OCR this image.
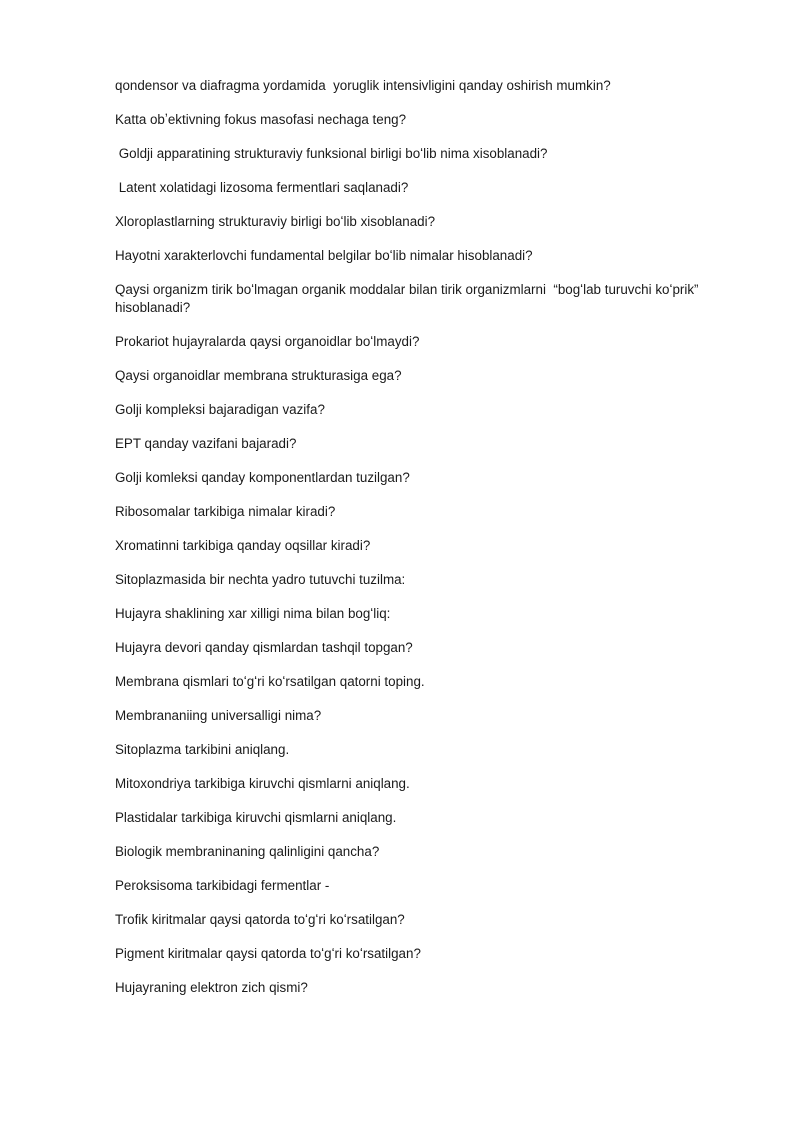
qondensor va diafragma yordamida  yoruglik intensivligini qanday oshirish mumkin?

Katta obʼektivning fokus masofasi nechaga teng?

Goldji apparatining strukturaviy funksional birligi boʻlib nima xisoblanadi?

Latent xolatidagi lizosoma fermentlari saqlanadi?

Xloroplastlarning strukturaviy birligi boʻlib xisoblanadi?

Hayotni xarakterlovchi fundamental belgilar boʻlib nimalar hisoblanadi?

Qaysi organizm tirik boʻlmagan organik moddalar bilan tirik organizmlarni  “bogʻlab turuvchi koʻprik” hisoblanadi?

Prokariot hujayralarda qaysi organoidlar boʻlmaydi?

Qaysi organoidlar membrana strukturasiga ega?

Golji kompleksi bajaradigan vazifa?

EPT qanday vazifani bajaradi?

Golji komleksi qanday komponentlardan tuzilgan?

Ribosomalar tarkibiga nimalar kiradi?

Xromatinni tarkibiga qanday oqsillar kiradi?

Sitoplazmasida bir nechta yadro tutuvchi tuzilma:

Hujayra shaklining xar xilligi nima bilan bogʻliq:

Hujayra devori qanday qismlardan tashqil topgan?

Membrana qismlari toʻgʻri koʻrsatilgan qatorni toping.

Membrananiing universalligi nima?

Sitoplazma tarkibini aniqlang.

Mitoxondriya tarkibiga kiruvchi qismlarni aniqlang.

Plastidalar tarkibiga kiruvchi qismlarni aniqlang.

Biologik membraninaning qalinligini qancha?

Peroksisoma tarkibidagi fermentlar -

Trofik kiritmalar qaysi qatorda toʻgʻri koʻrsatilgan?

Pigment kiritmalar qaysi qatorda toʻgʻri koʻrsatilgan?

Hujayraning elektron zich qismi?
